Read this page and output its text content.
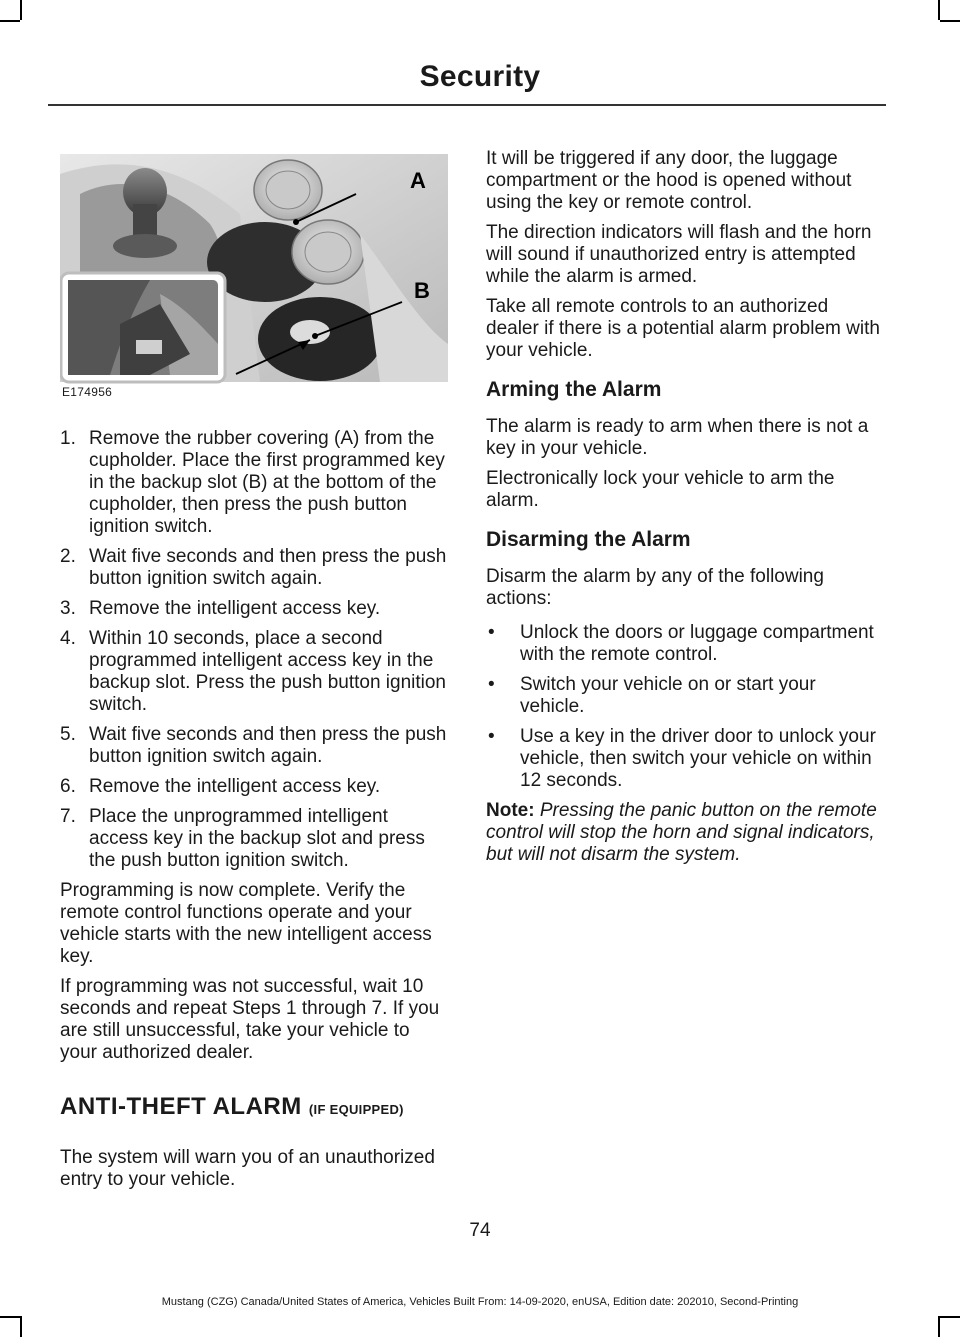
Security
A
B
E174956
1. Remove the rubber covering (A) from the cupholder. Place the first programmed key in the backup slot (B) at the bottom of the cupholder, then press the push button ignition switch.
2. Wait five seconds and then press the push button ignition switch again.
3. Remove the intelligent access key.
4. Within 10 seconds, place a second programmed intelligent access key in the backup slot. Press the push button ignition switch.
5. Wait five seconds and then press the push button ignition switch again.
6. Remove the intelligent access key.
7. Place the unprogrammed intelligent access key in the backup slot and press the push button ignition switch.

Programming is now complete. Verify the remote control functions operate and your vehicle starts with the new intelligent access key.

If programming was not successful, wait 10 seconds and repeat Steps 1 through 7. If you are still unsuccessful, take your vehicle to your authorized dealer.

ANTI-THEFT ALARM (IF EQUIPPED)

The system will warn you of an unauthorized entry to your vehicle.

It will be triggered if any door, the luggage compartment or the hood is opened without using the key or remote control.

The direction indicators will flash and the horn will sound if unauthorized entry is attempted while the alarm is armed.

Take all remote controls to an authorized dealer if there is a potential alarm problem with your vehicle.

Arming the Alarm

The alarm is ready to arm when there is not a key in your vehicle.

Electronically lock your vehicle to arm the alarm.

Disarming the Alarm

Disarm the alarm by any of the following actions:

•	Unlock the doors or luggage compartment with the remote control.
•	Switch your vehicle on or start your vehicle.
•	Use a key in the driver door to unlock your vehicle, then switch your vehicle on within 12 seconds.

Note: Pressing the panic button on the remote control will stop the horn and signal indicators, but will not disarm the system.

74
Mustang (CZG) Canada/United States of America, Vehicles Built From: 14-09-2020, enUSA, Edition date: 202010, Second-Printing
